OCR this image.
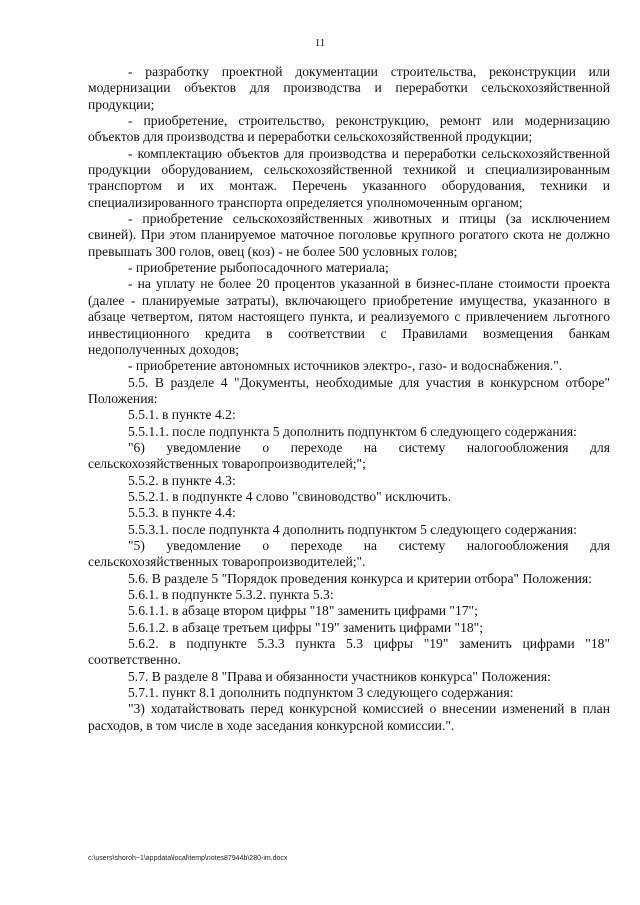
11

- разработку проектной документации строительства, реконструкции или модернизации объектов для производства и переработки сельскохозяйственной продукции;

- приобретение, строительство, реконструкцию, ремонт или модернизацию объектов для производства и переработки сельскохозяйственной продукции;

- комплектацию объектов для производства и переработки сельскохозяйственной продукции оборудованием, сельскохозяйственной техникой и специализированным транспортом и их монтаж. Перечень указанного оборудования, техники и специализированного транспорта определяется уполномоченным органом;

- приобретение сельскохозяйственных животных и птицы (за исключением свиней). При этом планируемое маточное поголовье крупного рогатого скота не должно превышать 300 голов, овец (коз) - не более 500 условных голов;

- приобретение рыбопосадочного материала;

- на уплату не более 20 процентов указанной в бизнес-плане стоимости проекта (далее - планируемые затраты), включающего приобретение имущества, указанного в абзаце четвертом, пятом настоящего пункта, и реализуемого с привлечением льготного инвестиционного кредита в соответствии с Правилами возмещения банкам недополученных доходов;

- приобретение автономных источников электро-, газо- и водоснабжения.".

5.5. В разделе 4 "Документы, необходимые для участия в конкурсном отборе" Положения:

5.5.1. в пункте 4.2:

5.5.1.1. после подпункта 5 дополнить подпунктом 6 следующего содержания:

"6) уведомление о переходе на систему налогообложения для сельскохозяйственных товаропроизводителей;";

5.5.2. в пункте 4.3:

5.5.2.1. в подпункте 4 слово "свиноводство" исключить.

5.5.3. в пункте 4.4:

5.5.3.1. после подпункта 4 дополнить подпунктом 5 следующего содержания:

"5) уведомление о переходе на систему налогообложения для сельскохозяйственных товаропроизводителей;".

5.6. В разделе 5 "Порядок проведения конкурса и критерии отбора" Положения:

5.6.1. в подпункте 5.3.2. пункта 5.3:

5.6.1.1. в абзаце втором цифры "18" заменить цифрами "17";

5.6.1.2. в абзаце третьем цифры "19" заменить цифрами "18";

5.6.2. в подпункте 5.3.3 пункта 5.3 цифры "19" заменить цифрами "18" соответственно.

5.7. В разделе 8 "Права и обязанности участников конкурса" Положения:

5.7.1. пункт 8.1 дополнить подпунктом 3 следующего содержания:

"3) ходатайствовать перед конкурсной комиссией о внесении изменений в план расходов, в том числе в ходе заседания конкурсной комиссии.".

c:\users\shoroh~1\appdata\local\temp\notes87944b\280-im.docx
